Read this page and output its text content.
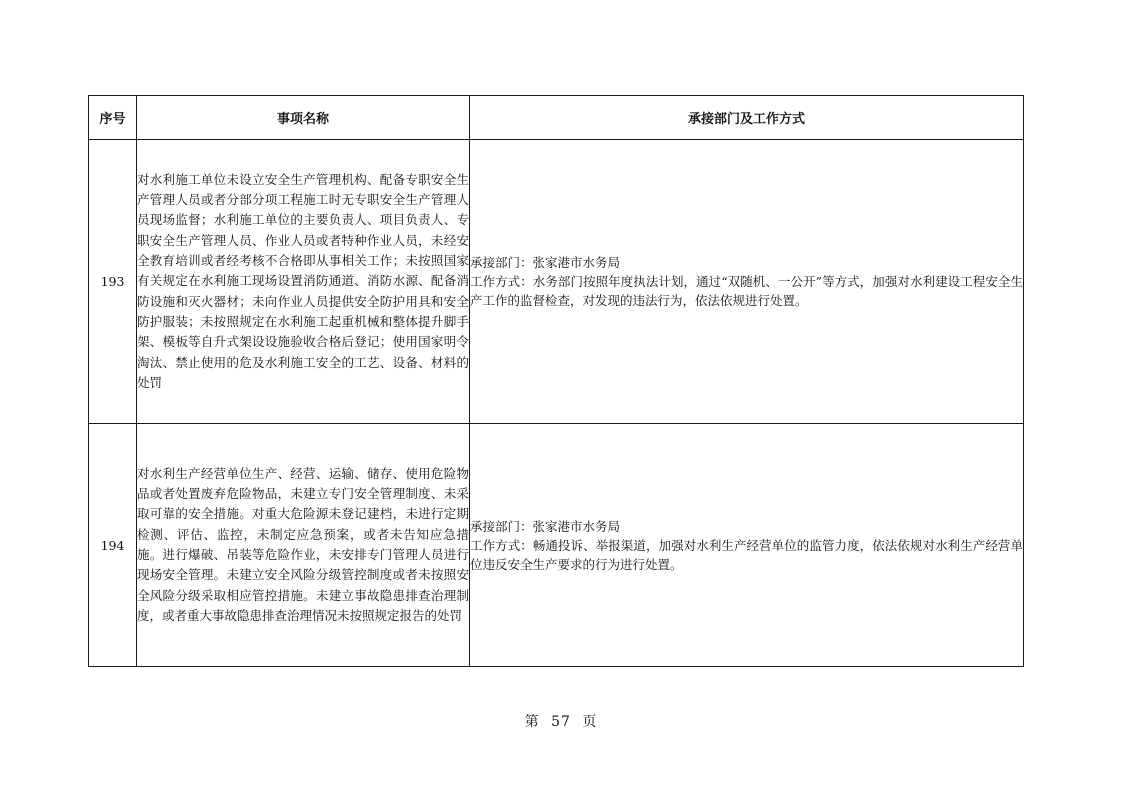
序号	事项名称	承接部门及工作方式
193	对水利施工单位未设立安全生产管理机构、配备专职安全生产管理人员或者分部分项工程施工时无专职安全生产管理人员现场监督；水利施工单位的主要负责人、项目负责人、专职安全生产管理人员、作业人员或者特种作业人员，未经安全教育培训或者经考核不合格即从事相关工作；未按照国家有关规定在水利施工现场设置消防通道、消防水源、配备消防设施和灭火器材；未向作业人员提供安全防护用具和安全防护服装；未按照规定在水利施工起重机械和整体提升脚手架、模板等自升式架设设施验收合格后登记；使用国家明令淘汰、禁止使用的危及水利施工安全的工艺、设备、材料的处罚	承接部门：张家港市水务局
工作方式：水务部门按照年度执法计划，通过“双随机、一公开”等方式，加强对水利建设工程安全生产工作的监督检查，对发现的违法行为，依法依规进行处置。

194	对水利生产经营单位生产、经营、运输、储存、使用危险物品或者处置废弃危险物品，未建立专门安全管理制度、未采取可靠的安全措施。对重大危险源未登记建档，未进行定期检测、评估、监控，未制定应急预案，或者未告知应急措施。进行爆破、吊装等危险作业，未安排专门管理人员进行现场安全管理。未建立安全风险分级管控制度或者未按照安全风险分级采取相应管控措施。未建立事故隐患排查治理制度，或者重大事故隐患排查治理情况未按照规定报告的处罚	承接部门：张家港市水务局
工作方式：畅通投诉、举报渠道，加强对水利生产经营单位的监管力度，依法依规对水利生产经营单位违反安全生产要求的行为进行处置。
第 57 页
